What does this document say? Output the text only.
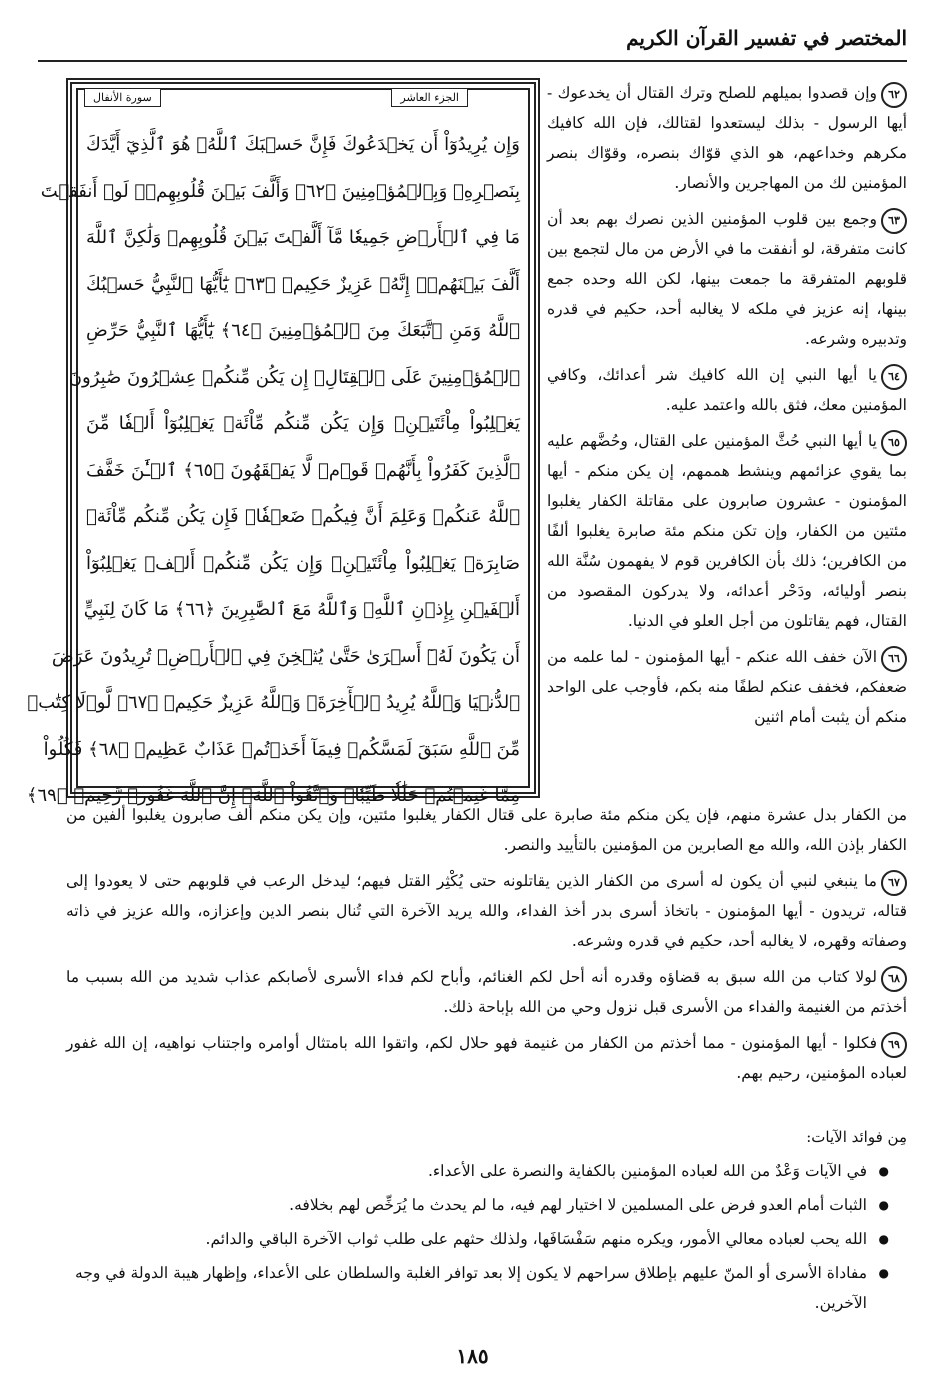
المختصر في تفسير القرآن الكريم
الجزء العاشر
سورة الأنفال
وَإِن يُرِيدُوٓاْ أَن يَخۡدَعُوكَ فَإِنَّ حَسۡبَكَ ٱللَّهُۚ هُوَ ٱلَّذِيٓ أَيَّدَكَ
بِنَصۡرِهِۦ وَبِٱلۡمُؤۡمِنِينَ ﴿٦٢﴾ وَأَلَّفَ بَيۡنَ قُلُوبِهِمۡۚ لَوۡ أَنفَقۡتَ
مَا فِي ٱلۡأَرۡضِ جَمِيعٗا مَّآ أَلَّفۡتَ بَيۡنَ قُلُوبِهِمۡ وَلَٰكِنَّ ٱللَّهَ
أَلَّفَ بَيۡنَهُمۡۚ إِنَّهُۥ عَزِيزٌ حَكِيمٞ ﴿٦٣﴾ يَٰٓأَيُّهَا ٱلنَّبِيُّ حَسۡبُكَ
ٱللَّهُ وَمَنِ ٱتَّبَعَكَ مِنَ ٱلۡمُؤۡمِنِينَ ﴿٦٤﴾ يَٰٓأَيُّهَا ٱلنَّبِيُّ حَرِّضِ
ٱلۡمُؤۡمِنِينَ عَلَى ٱلۡقِتَالِۚ إِن يَكُن مِّنكُمۡ عِشۡرُونَ صَٰبِرُونَ
يَغۡلِبُواْ مِاْئَتَيۡنِۚ وَإِن يَكُن مِّنكُم مِّاْئَةٞ يَغۡلِبُوٓاْ أَلۡفٗا مِّنَ
ٱلَّذِينَ كَفَرُواْ بِأَنَّهُمۡ قَوۡمٞ لَّا يَفۡقَهُونَ ﴿٦٥﴾ ٱلۡـَٰٔنَ خَفَّفَ
ٱللَّهُ عَنكُمۡ وَعَلِمَ أَنَّ فِيكُمۡ ضَعۡفٗاۚ فَإِن يَكُن مِّنكُم مِّاْئَةٞ
صَابِرَةٞ يَغۡلِبُواْ مِاْئَتَيۡنِۚ وَإِن يَكُن مِّنكُمۡ أَلۡفٞ يَغۡلِبُوٓاْ
أَلۡفَيۡنِ بِإِذۡنِ ٱللَّهِۗ وَٱللَّهُ مَعَ ٱلصَّٰبِرِينَ ﴿٦٦﴾ مَا كَانَ لِنَبِيٍّ
أَن يَكُونَ لَهُۥٓ أَسۡرَىٰ حَتَّىٰ يُثۡخِنَ فِي ٱلۡأَرۡضِۚ تُرِيدُونَ عَرَضَ
ٱلدُّنۡيَا وَٱللَّهُ يُرِيدُ ٱلۡأٓخِرَةَۗ وَٱللَّهُ عَزِيزٌ حَكِيمٞ ﴿٦٧﴾ لَّوۡلَا كِتَٰبٞ
مِّنَ ٱللَّهِ سَبَقَ لَمَسَّكُمۡ فِيمَآ أَخَذۡتُمۡ عَذَابٌ عَظِيمٞ ﴿٦٨﴾ فَكُلُواْ
مِمَّا غَنِمۡتُمۡ حَلَٰلٗا طَيِّبٗاۚ وَٱتَّقُواْ ٱللَّهَۚ إِنَّ ٱللَّهَ غَفُورٞ رَّحِيمٞ ﴿٦٩﴾

٦٢وإن قصدوا بميلهم للصلح وترك القتال أن يخدعوك - أيها الرسول - بذلك ليستعدوا لقتالك، فإن الله كافيك مكرهم وخداعهم، هو الذي قوّاك بنصره، وقوّاك بنصر المؤمنين لك من المهاجرين والأنصار.

٦٣وجمع بين قلوب المؤمنين الذين نصرك بهم بعد أن كانت متفرقة، لو أنفقت ما في الأرض من مال لتجمع بين قلوبهم المتفرقة ما جمعت بينها، لكن الله وحده جمع بينها، إنه عزيز في ملكه لا يغالبه أحد، حكيم في قدره وتدبيره وشرعه.

٦٤يا أيها النبي إن الله كافيك شر أعدائك، وكافي المؤمنين معك، فثق بالله واعتمد عليه.

٦٥يا أيها النبي حُثَّ المؤمنين على القتال، وحُضَّهم عليه بما يقوي عزائمهم وينشط هممهم، إن يكن منكم - أيها المؤمنون - عشرون صابرون على مقاتلة الكفار يغلبوا مئتين من الكفار، وإن تكن منكم مئة صابرة يغلبوا ألفًا من الكافرين؛ ذلك بأن الكافرين قوم لا يفهمون سُنَّة الله بنصر أوليائه، ودَحْر أعدائه، ولا يدركون المقصود من القتال، فهم يقاتلون من أجل العلو في الدنيا.

٦٦الآن خفف الله عنكم - أيها المؤمنون - لما علمه من ضعفكم، فخفف عنكم لطفًا منه بكم، فأوجب على الواحد منكم أن يثبت أمام اثنين

من الكفار بدل عشرة منهم، فإن يكن منكم مئة صابرة على قتال الكفار يغلبوا مئتين، وإن يكن منكم ألف صابرون يغلبوا ألفين من الكفار بإذن الله، والله مع الصابرين من المؤمنين بالتأييد والنصر.

٦٧ما ينبغي لنبي أن يكون له أسرى من الكفار الذين يقاتلونه حتى يُكْثِر القتل فيهم؛ ليدخل الرعب في قلوبهم حتى لا يعودوا إلى قتاله، تريدون - أيها المؤمنون - باتخاذ أسرى بدر أخذ الفداء، والله يريد الآخرة التي تُنال بنصر الدين وإعزازه، والله عزيز في ذاته وصفاته وقهره، لا يغالبه أحد، حكيم في قدره وشرعه.

٦٨لولا كتاب من الله سبق به قضاؤه وقدره أنه أحل لكم الغنائم، وأباح لكم فداء الأسرى لأصابكم عذاب شديد من الله بسبب ما أخذتم من الغنيمة والفداء من الأسرى قبل نزول وحي من الله بإباحة ذلك.

٦٩فكلوا - أيها المؤمنون - مما أخذتم من الكفار من غنيمة فهو حلال لكم، واتقوا الله بامتثال أوامره واجتناب نواهيه، إن الله غفور لعباده المؤمنين، رحيم بهم.

مِن فوائد الآيات:
● في الآيات وَعْدٌ من الله لعباده المؤمنين بالكفاية والنصرة على الأعداء.
● الثبات أمام العدو فرض على المسلمين لا اختيار لهم فيه، ما لم يحدث ما يُرَخِّص لهم بخلافه.
● الله يحب لعباده معالي الأمور، ويكره منهم سَفْسَافَها، ولذلك حثهم على طلب ثواب الآخرة الباقي والدائم.
● مفاداة الأسرى أو المنّ عليهم بإطلاق سراحهم لا يكون إلا بعد توافر الغلبة والسلطان على الأعداء، وإظهار هيبة الدولة في وجه الآخرين.
١٨٥
